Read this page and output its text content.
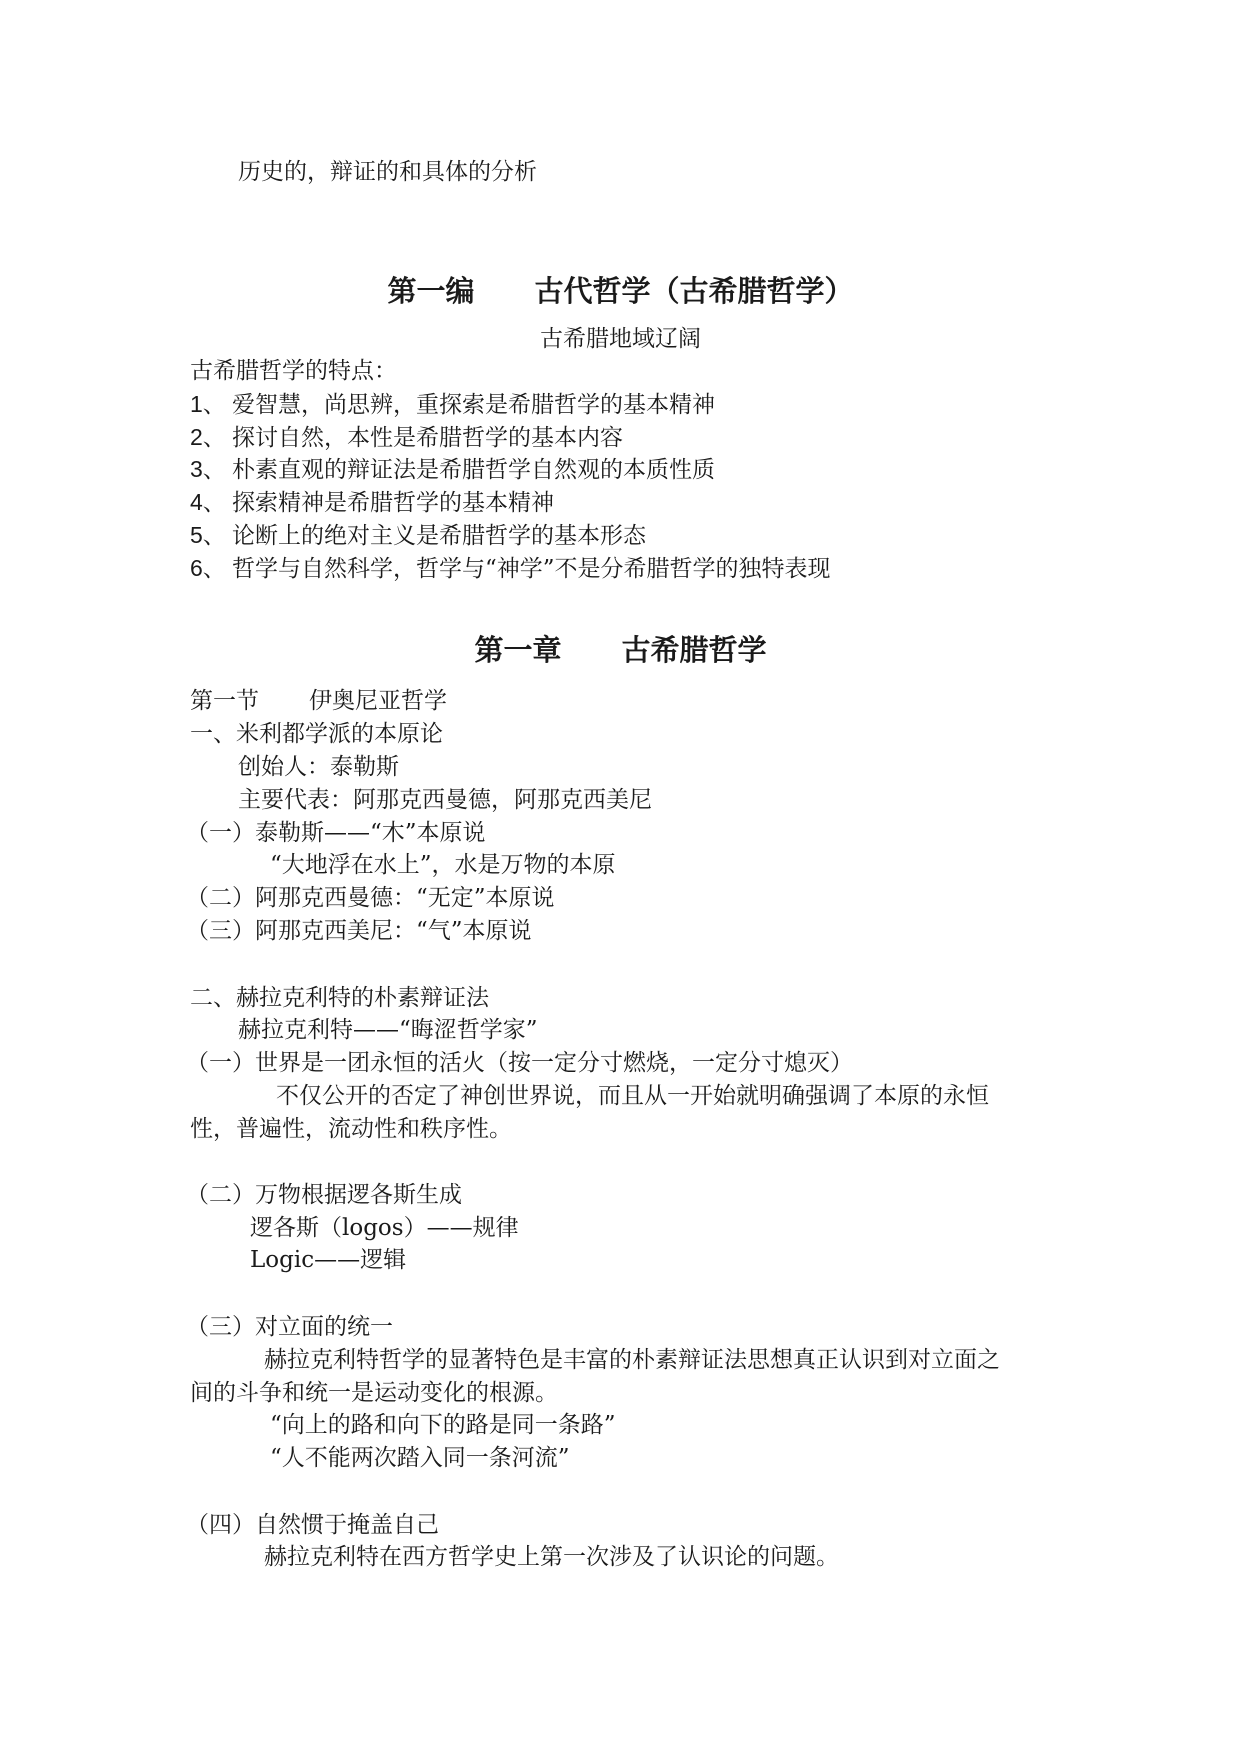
历史的，辩证的和具体的分析
第一编 古代哲学（古希腊哲学）
古希腊地域辽阔
古希腊哲学的特点：
1、 爱智慧，尚思辨，重探索是希腊哲学的基本精神
2、 探讨自然，本性是希腊哲学的基本内容
3、 朴素直观的辩证法是希腊哲学自然观的本质性质
4、 探索精神是希腊哲学的基本精神
5、 论断上的绝对主义是希腊哲学的基本形态
6、 哲学与自然科学，哲学与“神学”不是分希腊哲学的独特表现
第一章 古希腊哲学
第一节 伊奥尼亚哲学
一、米利都学派的本原论
创始人：泰勒斯
主要代表：阿那克西曼德，阿那克西美尼
（一）泰勒斯——“木”本原说
“大地浮在水上”，水是万物的本原
（二）阿那克西曼德：“无定”本原说
（三）阿那克西美尼：“气”本原说
二、赫拉克利特的朴素辩证法
赫拉克利特——“晦涩哲学家”
（一）世界是一团永恒的活火（按一定分寸燃烧，一定分寸熄灭）
不仅公开的否定了神创世界说，而且从一开始就明确强调了本原的永恒
性，普遍性，流动性和秩序性。
（二）万物根据逻各斯生成
逻各斯（logos）——规律
Logic——逻辑
（三）对立面的统一
赫拉克利特哲学的显著特色是丰富的朴素辩证法思想真正认识到对立面之
间的斗争和统一是运动变化的根源。
“向上的路和向下的路是同一条路”
“人不能两次踏入同一条河流”
（四）自然惯于掩盖自己
赫拉克利特在西方哲学史上第一次涉及了认识论的问题。
